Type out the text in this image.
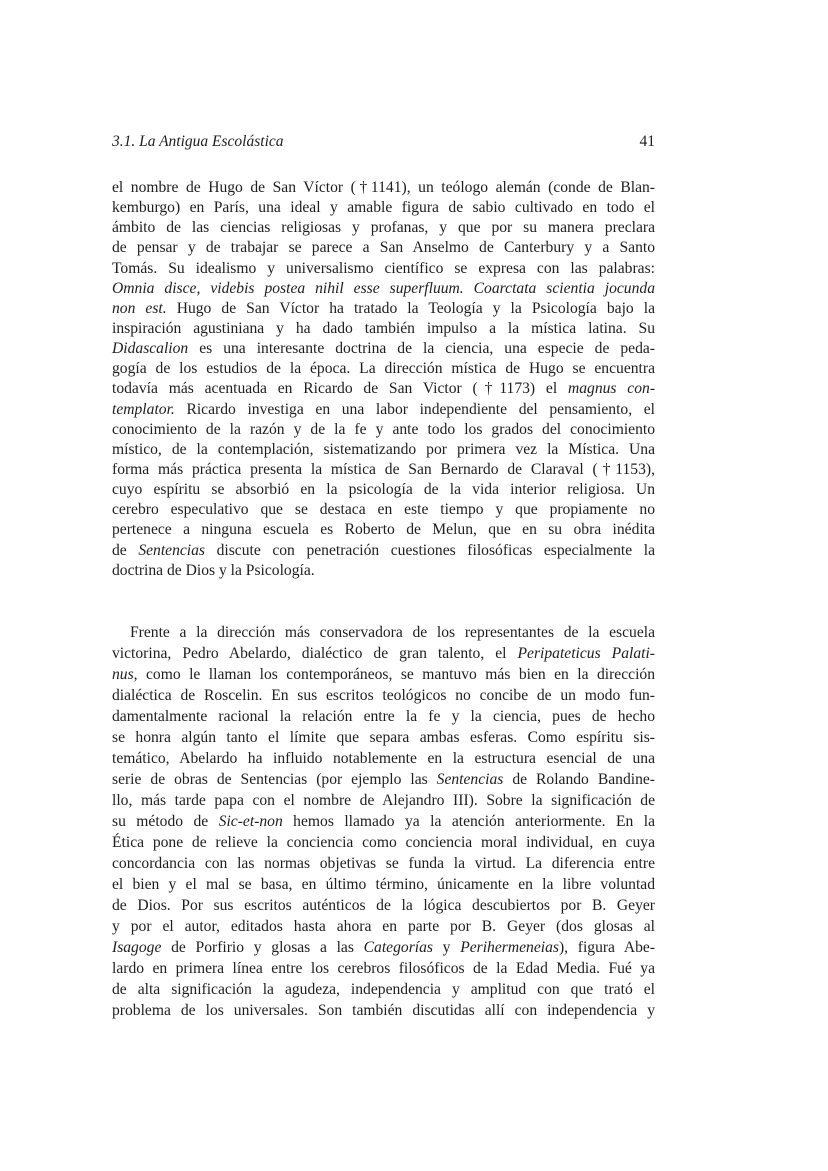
3.1. La Antigua Escolástica	41
el nombre de Hugo de San Víctor (†1141), un teólogo alemán (conde de Blan-
kemburgo) en París, una ideal y amable figura de sabio cultivado en todo el
ámbito de las ciencias religiosas y profanas, y que por su manera preclara
de pensar y de trabajar se parece a San Anselmo de Canterbury y a Santo
Tomás. Su idealismo y universalismo científico se expresa con las palabras:
Omnia disce, videbis postea nihil esse superfluum. Coarctata scientia jocunda
non est. Hugo de San Víctor ha tratado la Teología y la Psicología bajo la
inspiración agustiniana y ha dado también impulso a la mística latina. Su
Didascalion es una interesante doctrina de la ciencia, una especie de peda-
gogía de los estudios de la época. La dirección mística de Hugo se encuentra
todavía más acentuada en Ricardo de San Victor (†1173) el magnus con-
templator. Ricardo investiga en una labor independiente del pensamiento, el
conocimiento de la razón y de la fe y ante todo los grados del conocimiento
místico, de la contemplación, sistematizando por primera vez la Mística. Una
forma más práctica presenta la mística de San Bernardo de Claraval (†1153),
cuyo espíritu se absorbió en la psicología de la vida interior religiosa. Un
cerebro especulativo que se destaca en este tiempo y que propiamente no
pertenece a ninguna escuela es Roberto de Melun, que en su obra inédita
de Sentencias discute con penetración cuestiones filosóficas especialmente la
doctrina de Dios y la Psicología.
Frente a la dirección más conservadora de los representantes de la escuela
victorina, Pedro Abelardo, dialéctico de gran talento, el Peripateticus Palati-
nus, como le llaman los contemporáneos, se mantuvo más bien en la dirección
dialéctica de Roscelin. En sus escritos teológicos no concibe de un modo fun-
damentalmente racional la relación entre la fe y la ciencia, pues de hecho
se honra algún tanto el límite que separa ambas esferas. Como espíritu sis-
temático, Abelardo ha influido notablemente en la estructura esencial de una
serie de obras de Sentencias (por ejemplo las Sentencias de Rolando Bandine-
llo, más tarde papa con el nombre de Alejandro III). Sobre la significación de
su método de Sic-et-non hemos llamado ya la atención anteriormente. En la
Ética pone de relieve la conciencia como conciencia moral individual, en cuya
concordancia con las normas objetivas se funda la virtud. La diferencia entre
el bien y el mal se basa, en último término, únicamente en la libre voluntad
de Dios. Por sus escritos auténticos de la lógica descubiertos por B. Geyer
y por el autor, editados hasta ahora en parte por B. Geyer (dos glosas al
Isagoge de Porfirio y glosas a las Categorías y Perihermeneias), figura Abe-
lardo en primera línea entre los cerebros filosóficos de la Edad Media. Fué ya
de alta significación la agudeza, independencia y amplitud con que trató el
problema de los universales. Son también discutidas allí con independencia y
